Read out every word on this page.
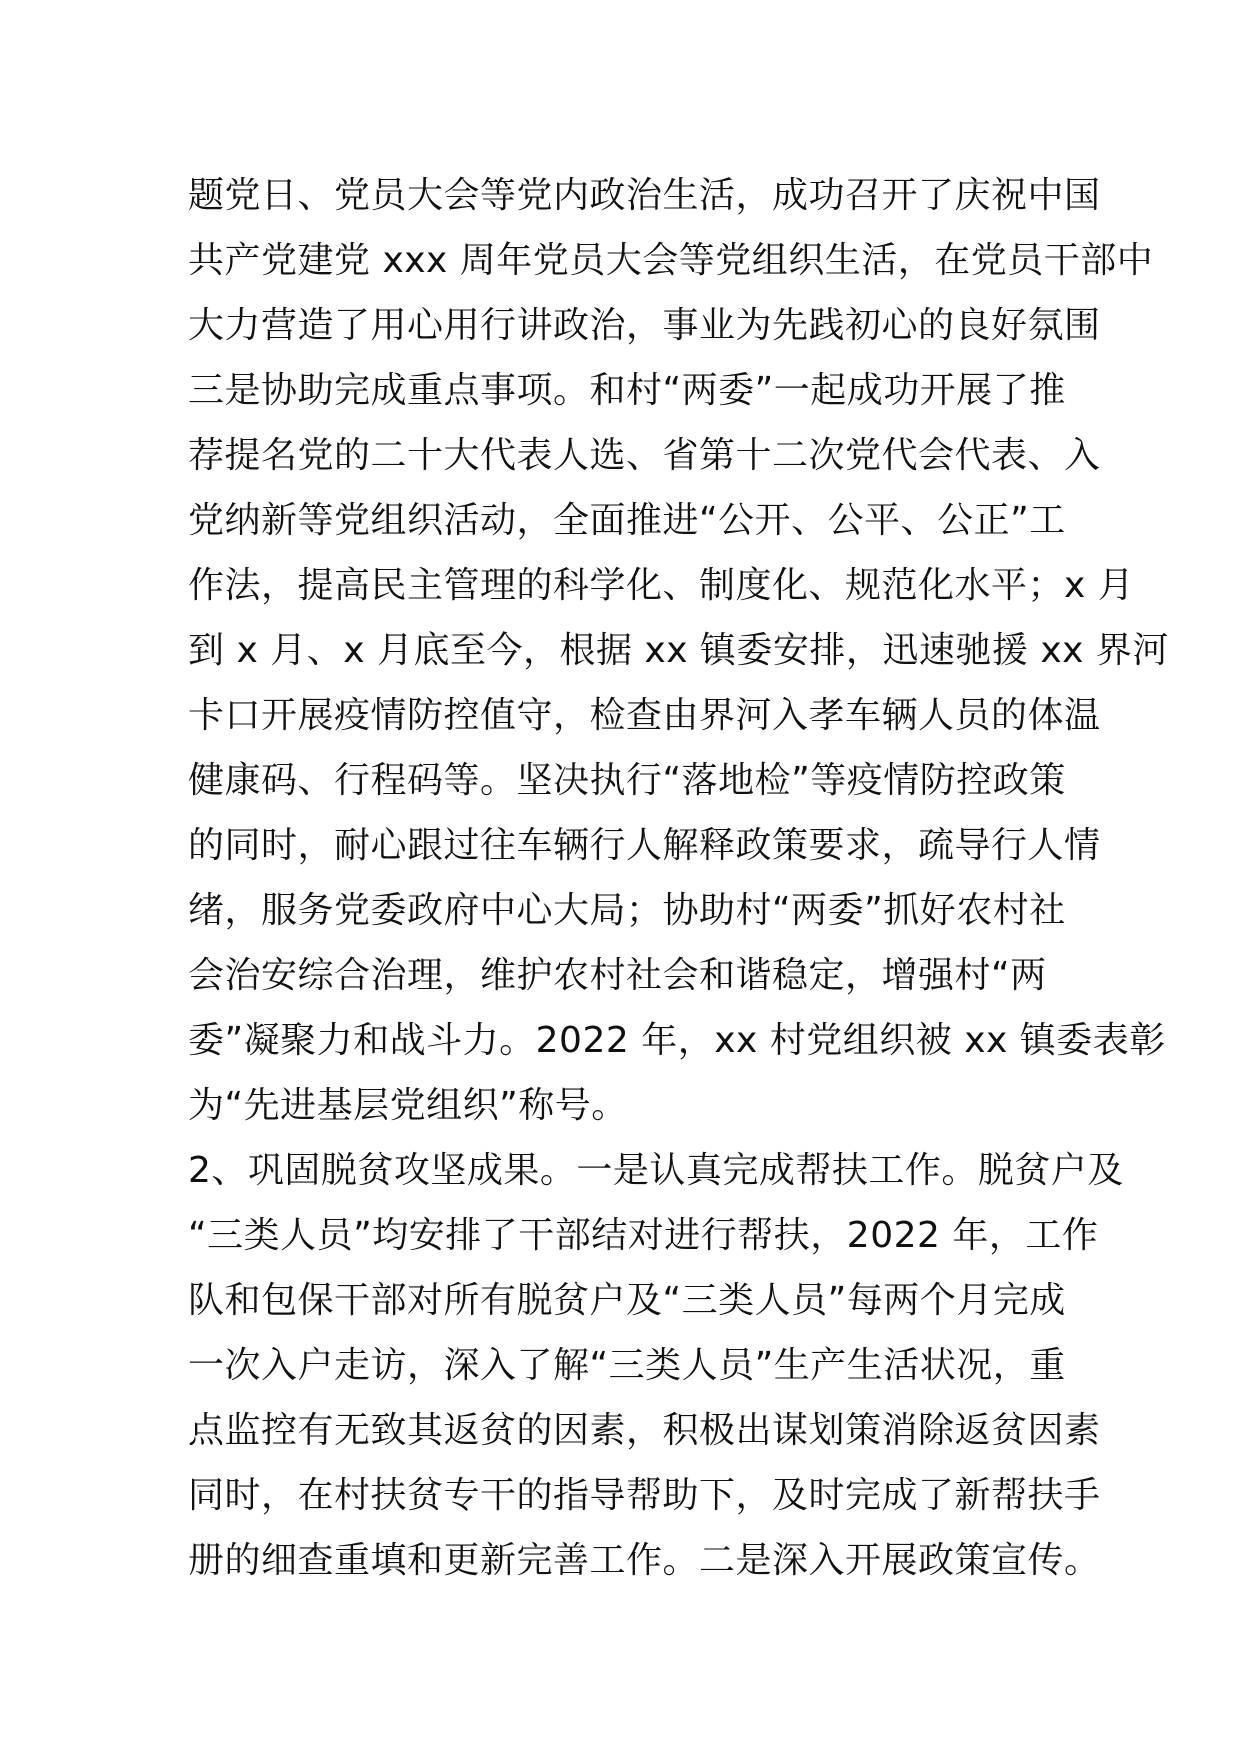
题党日、党员大会等党内政治生活，成功召开了庆祝中国
共产党建党 xxx 周年党员大会等党组织生活，在党员干部中
大力营造了用心用行讲政治，事业为先践初心的良好氛围
三是协助完成重点事项。和村“两委”一起成功开展了推
荐提名党的二十大代表人选、省第十二次党代会代表、入
党纳新等党组织活动，全面推进“公开、公平、公正”工
作法，提高民主管理的科学化、制度化、规范化水平；x 月
到 x 月、x 月底至今，根据 xx 镇委安排，迅速驰援 xx 界河
卡口开展疫情防控值守，检查由界河入孝车辆人员的体温
健康码、行程码等。坚决执行“落地检”等疫情防控政策
的同时，耐心跟过往车辆行人解释政策要求，疏导行人情
绪，服务党委政府中心大局；协助村“两委”抓好农村社
会治安综合治理，维护农村社会和谐稳定，增强村“两
委”凝聚力和战斗力。2022 年，xx 村党组织被 xx 镇委表彰
为“先进基层党组织”称号。
2、巩固脱贫攻坚成果。一是认真完成帮扶工作。脱贫户及
“三类人员”均安排了干部结对进行帮扶，2022 年，工作
队和包保干部对所有脱贫户及“三类人员”每两个月完成
一次入户走访，深入了解“三类人员”生产生活状况，重
点监控有无致其返贫的因素，积极出谋划策消除返贫因素
同时，在村扶贫专干的指导帮助下，及时完成了新帮扶手
册的细查重填和更新完善工作。二是深入开展政策宣传。
